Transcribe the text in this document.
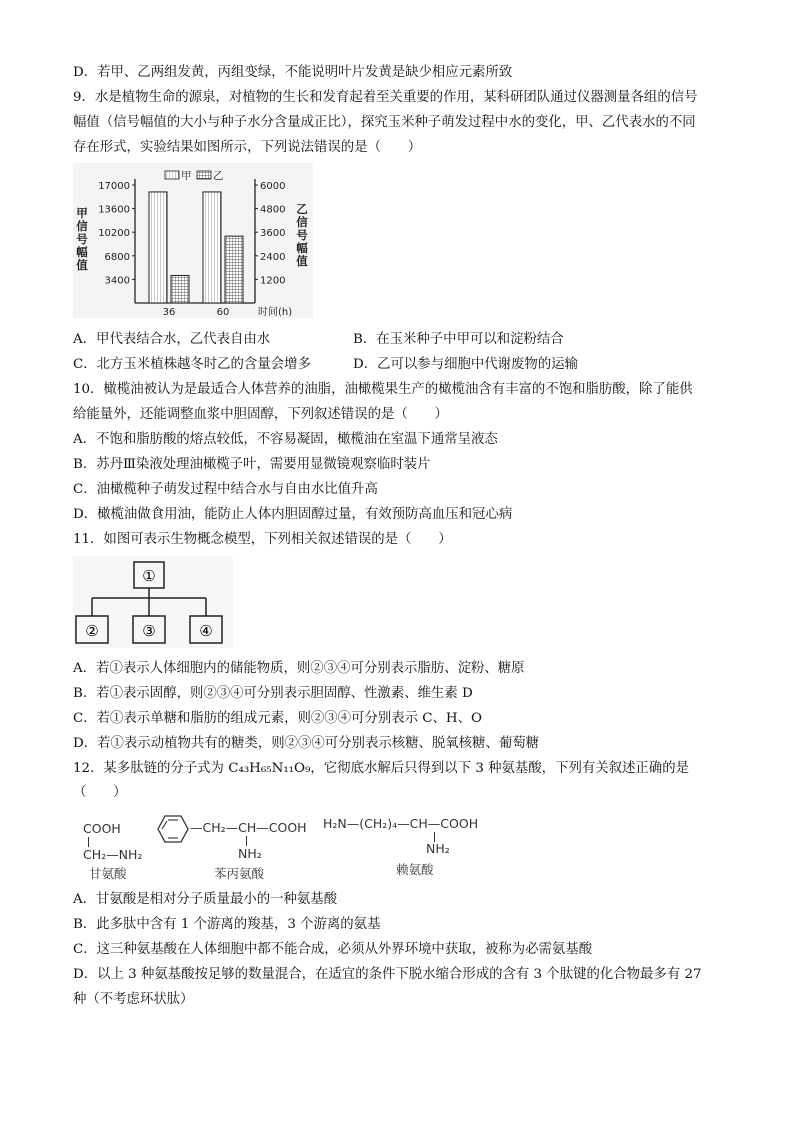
D．若甲、乙两组发黄，丙组变绿，不能说明叶片发黄是缺少相应元素所致
9．水是植物生命的源泉，对植物的生长和发育起着至关重要的作用，某科研团队通过仪器测量各组的信号
幅值（信号幅值的大小与种子水分含量成正比），探究玉米种子萌发过程中水的变化，甲、乙代表水的不同
存在形式，实验结果如图所示，下列说法错误的是（　　）
3400
6800
10200
13600
17000
1200
2400
3600
4800
6000
甲
信
号
幅
值
乙
信
号
幅
值
36	60	时间(h)
甲 乙
A．甲代表结合水，乙代表自由水	B．在玉米种子中甲可以和淀粉结合
C．北方玉米植株越冬时乙的含量会增多	D．乙可以参与细胞中代谢废物的运输
10．橄榄油被认为是最适合人体营养的油脂，油橄榄果生产的橄榄油含有丰富的不饱和脂肪酸，除了能供
给能量外，还能调整血浆中胆固醇，下列叙述错误的是（　　）
A．不饱和脂肪酸的熔点较低，不容易凝固，橄榄油在室温下通常呈液态
B．苏丹Ⅲ染液处理油橄榄子叶，需要用显微镜观察临时装片
C．油橄榄种子萌发过程中结合水与自由水比值升高
D．橄榄油做食用油，能防止人体内胆固醇过量，有效预防高血压和冠心病
11．如图可表示生物概念模型，下列相关叙述错误的是（　　）
①
②	③	④
A．若①表示人体细胞内的储能物质，则②③④可分别表示脂肪、淀粉、糖原
B．若①表示固醇，则②③④可分别表示胆固醇、性激素、维生素 D
C．若①表示单糖和脂肪的组成元素，则②③④可分别表示 C、H、O
D．若①表示动植物共有的糖类，则②③④可分别表示核糖、脱氧核糖、葡萄糖
12．某多肽链的分子式为 C₄₃H₆₅N₁₁O₉，它彻底水解后只得到以下 3 种氨基酸，下列有关叙述正确的是
（　　）
COOH
CH₂—NH₂
甘氨酸
—CH₂—CH—COOH
NH₂
苯丙氨酸
H₂N—(CH₂)₄—CH—COOH
NH₂
赖氨酸
A．甘氨酸是相对分子质量最小的一种氨基酸
B．此多肽中含有 1 个游离的羧基，3 个游离的氨基
C．这三种氨基酸在人体细胞中都不能合成，必须从外界环境中获取，被称为必需氨基酸
D．以上 3 种氨基酸按足够的数量混合，在适宜的条件下脱水缩合形成的含有 3 个肽键的化合物最多有 27
种（不考虑环状肽）
